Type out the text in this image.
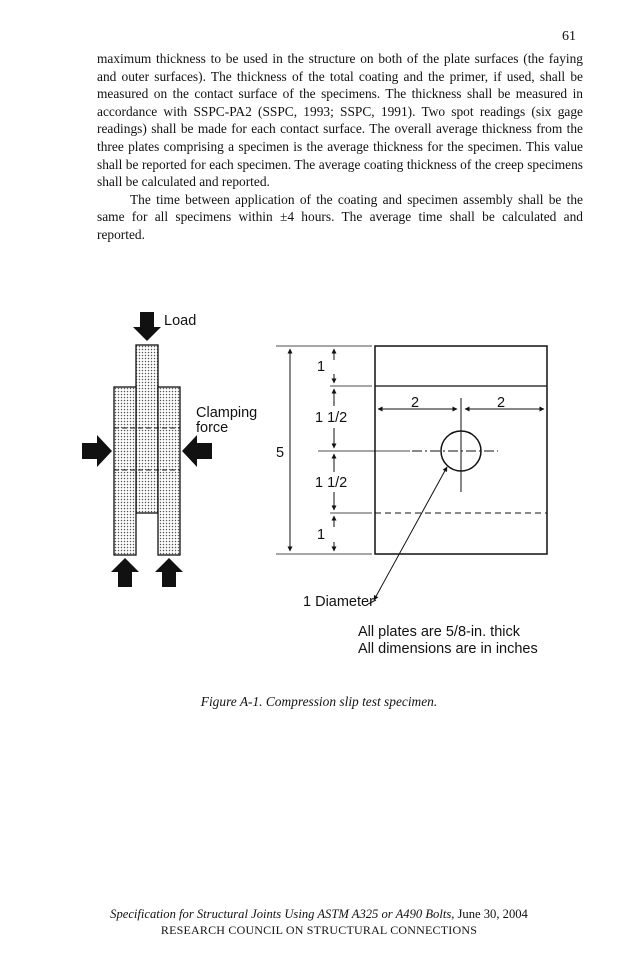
61

maximum thickness to be used in the structure on both of the plate surfaces (the faying and outer surfaces). The thickness of the total coating and the primer, if used, shall be measured on the contact surface of the specimens. The thickness shall be measured in accordance with SSPC-PA2 (SSPC, 1993; SSPC, 1991). Two spot readings (six gage readings) shall be made for each contact surface. The overall average thickness from the three plates comprising a specimen is the average thickness for the specimen. This value shall be reported for each specimen. The average coating thickness of the creep specimens shall be calculated and reported.

The time between application of the coating and specimen assembly shall be the same for all specimens within ±4 hours. The average time shall be calculated and reported.

Load
Clamping
force
2	2
5
1
1 1/2
1 1/2
1
1 Diameter
All plates are 5/8-in. thick
All dimensions are in inches
Figure A-1. Compression slip test specimen.
Specification for Structural Joints Using ASTM A325 or A490 Bolts, June 30, 2004
RESEARCH COUNCIL ON STRUCTURAL CONNECTIONS
